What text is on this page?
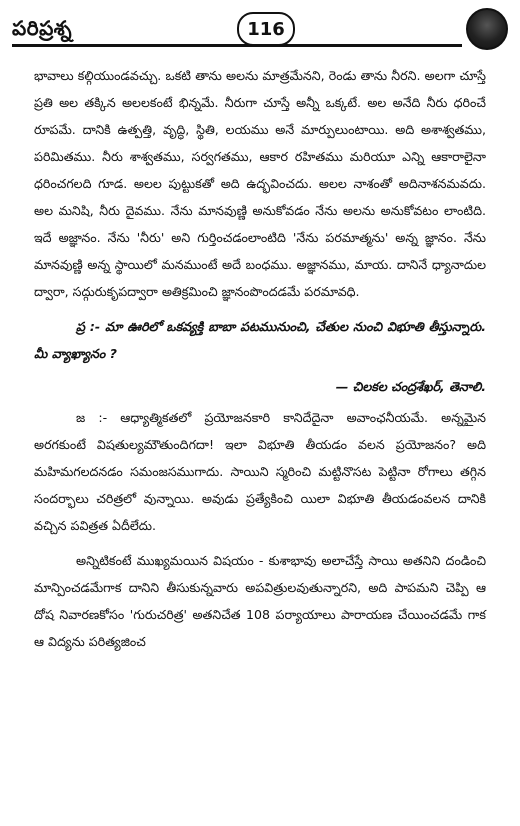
పరిప్రశ్న	116

భావాలు కల్గియుండవచ్చు. ఒకటి తాను అలను మాత్రమేనని, రెండు తాను నీరని. అలగా చూస్తే ప్రతి అల తక్కిన అలలకంటే భిన్నమే. నీరుగా చూస్తే అన్నీ ఒక్కటే. అల అనేది నీరు ధరించే రూపమే. దానికి ఉత్పత్తి, వృద్ధి, స్థితి, లయము అనే మార్పులుంటాయి. అది అశాశ్వతము, పరిమితము. నీరు శాశ్వతము, సర్వగతము, ఆకార రహితము మరియూ ఎన్ని ఆకారాలైనా ధరించగలది గూడ. అలల పుట్టుకతో అది ఉద్భవించదు. అలల నాశంతో అదినాశనమవదు. అల మనిషి, నీరు దైవము. నేను మానవుణ్ణి అనుకోవడం నేను అలను అనుకోవటం లాంటిది. ఇదే అజ్ఞానం. నేను 'నీరు' అని గుర్తించడంలాంటిది 'నేను పరమాత్మను' అన్న జ్ఞానం. నేను మానవుణ్ణి అన్న స్థాయిలో మనముంటే అదే బంధము. అజ్ఞానము, మాయ. దానినే ధ్యానాదుల ద్వారా, సద్గురుకృపద్వారా అతిక్రమించి జ్ఞానంపొందడమే పరమావధి.

ప్ర :- మా ఊరిలో ఒకవ్యక్తి బాబా పటమునుంచి, చేతుల నుంచి విభూతి తీస్తున్నారు. మీ వ్యాఖ్యానం ?

— చిలకల చంద్రశేఖర్, తెనాలి.

జ :- ఆధ్యాత్మికతలో ప్రయోజనకారి కానిదేదైనా అవాంఛనీయమే. అన్నమైన అరగకుంటే విషతుల్యమౌతుందిగదా! ఇలా విభూతి తీయడం వలన ప్రయోజనం? అది మహిమగలదనడం సమంజసముగాదు. సాయిని స్మరించి మట్టినొసట పెట్టినా రోగాలు తగ్గిన సందర్భాలు చరిత్రలో వున్నాయి. అవుడు ప్రత్యేకించి యిలా విభూతి తీయడంవలన దానికి వచ్చిన పవిత్రత ఏదీలేదు.

అన్నిటికంటే ముఖ్యమయిన విషయం - కుశాభావు అలాచేస్తే సాయి అతనిని దండించి మాన్పించడమేగాక దానిని తీసుకున్నవారు అపవిత్రులవుతున్నారని, అది పాపమని చెప్పి ఆ దోష నివారణకోసం 'గురుచరిత్ర' అతనిచేత 108 పర్యాయాలు పారాయణ చేయించడమే గాక ఆ విద్యను పరిత్యజించ
